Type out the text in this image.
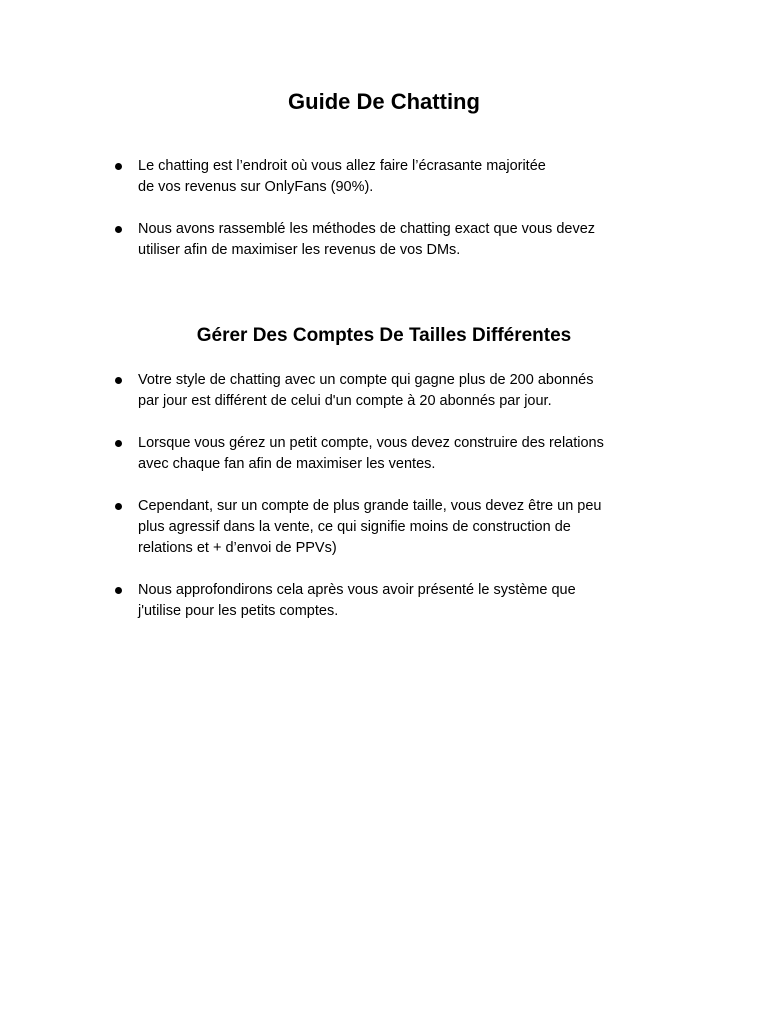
Guide De Chatting
Le chatting est l’endroit où vous allez faire l’écrasante majoritée
de vos revenus sur OnlyFans (90%).
Nous avons rassemblé les méthodes de chatting exact que vous devez
utiliser afin de maximiser les revenus de vos DMs.
Gérer Des Comptes De Tailles Différentes
Votre style de chatting avec un compte qui gagne plus de 200 abonnés
par jour est différent de celui d'un compte à 20 abonnés par jour.
Lorsque vous gérez un petit compte, vous devez construire des relations
avec chaque fan afin de maximiser les ventes.
Cependant, sur un compte de plus grande taille, vous devez être un peu
plus agressif dans la vente, ce qui signifie moins de construction de
relations et + d’envoi de PPVs)
Nous approfondirons cela après vous avoir présenté le système que
j'utilise pour les petits comptes.
